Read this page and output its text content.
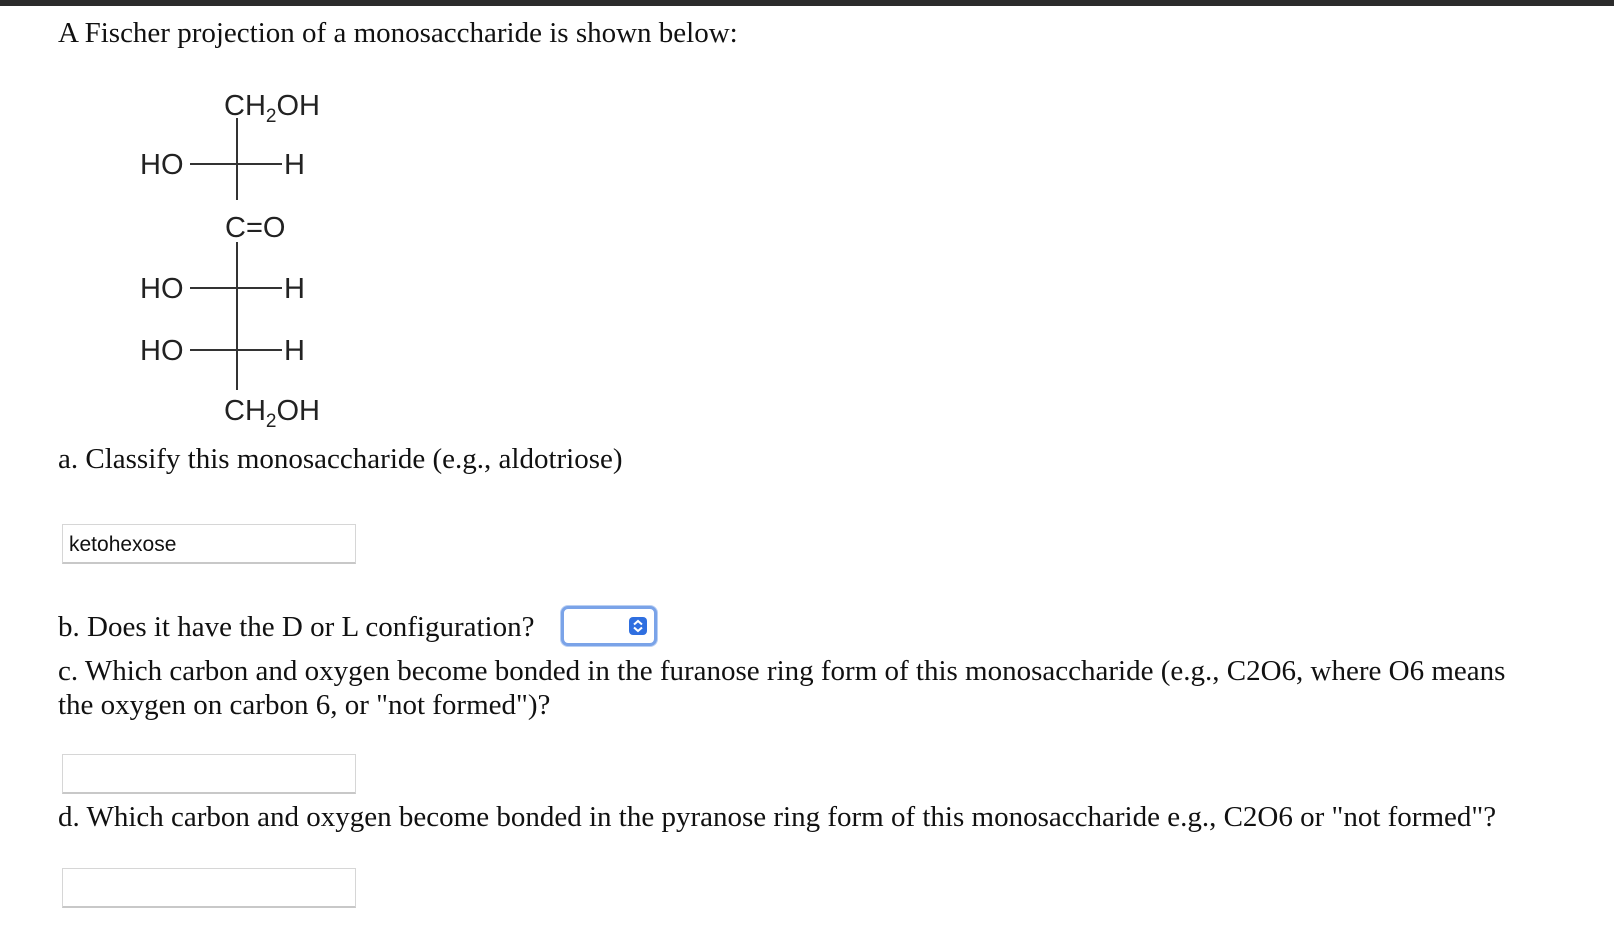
A Fischer projection of a monosaccharide is shown below:
$CH_2OH$
HO	H
C=O
HO	H
HO	H
$CH_2OH$
a. Classify this monosaccharide (e.g., aldotriose)
ketohexose
b. Does it have the D or L configuration?
c. Which carbon and oxygen become bonded in the furanose ring form of this monosaccharide (e.g., C2O6, where O6 means
the oxygen on carbon 6, or "not formed")?
d. Which carbon and oxygen become bonded in the pyranose ring form of this monosaccharide e.g., C2O6 or "not formed"?
